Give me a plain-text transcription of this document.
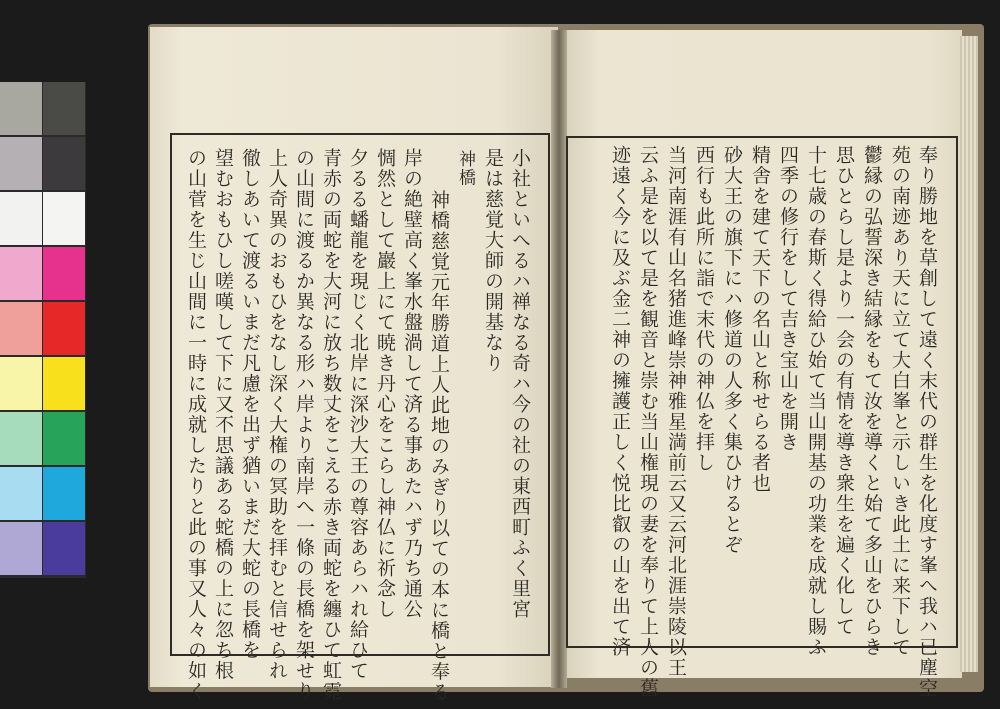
奉り勝地を草創して遠く末代の群生を化度す峯へ我ハ已塵空
苑の南迹あり天に立て大白峯と示しいき此土に来下して
鬱縁の弘誓深き結縁をもて汝を導くと始て多山をひらき
思ひとらし是より一会の有情を導き衆生を遍く化して
十七歳の春斯く得給ひ始て当山開基の功業を成就し賜ふ
四季の修行をして吉き宝山を開き
精舎を建て天下の名山と称せらる者也
砂大王の旗下にハ修道の人多く集ひけるとぞ
西行も此所に詣で末代の神仏を拝し
当河南涯有山名猪進峰崇神雅星満前云又云河北涯崇陵以王
云ふ是を以て是を観音と崇む当山権現の妻を奉りて上人の舊
迹遠く今に及ぶ金二神の擁護正しく悦比叡の山を出て済
小社といへるハ禅なる奇ハ今の社の東西町ふく里宮
是は慈覚大師の開基なり
神橋
神橋慈覚元年勝道上人此地のみぎり以ての本に橋と奉る
岸の絶壁高く峯水盤渦して済る事あたハず乃ち通公
惆然として巖上にて暁き丹心をこらし神仏に祈念し
夕るる蟠龍を現じく北岸に深沙大王の尊容あらハれ給ひて
青赤の両蛇を大河に放ち数丈をこえる赤き両蛇を纏ひて虹霓
の山間に渡るか異なる形ハ岸より南岸へ一條の長橋を架せり
上人奇異のおもひをなし深く大権の冥助を拝むと信せられ
徹しあいて渡るいまだ凡慮を出ず猶いまだ大蛇の長橋を
望むおもひし嗟嘆して下に又不思議ある蛇橋の上に忽ち根
の山菅を生じ山間に一時に成就したりと此の事又人々の如く
